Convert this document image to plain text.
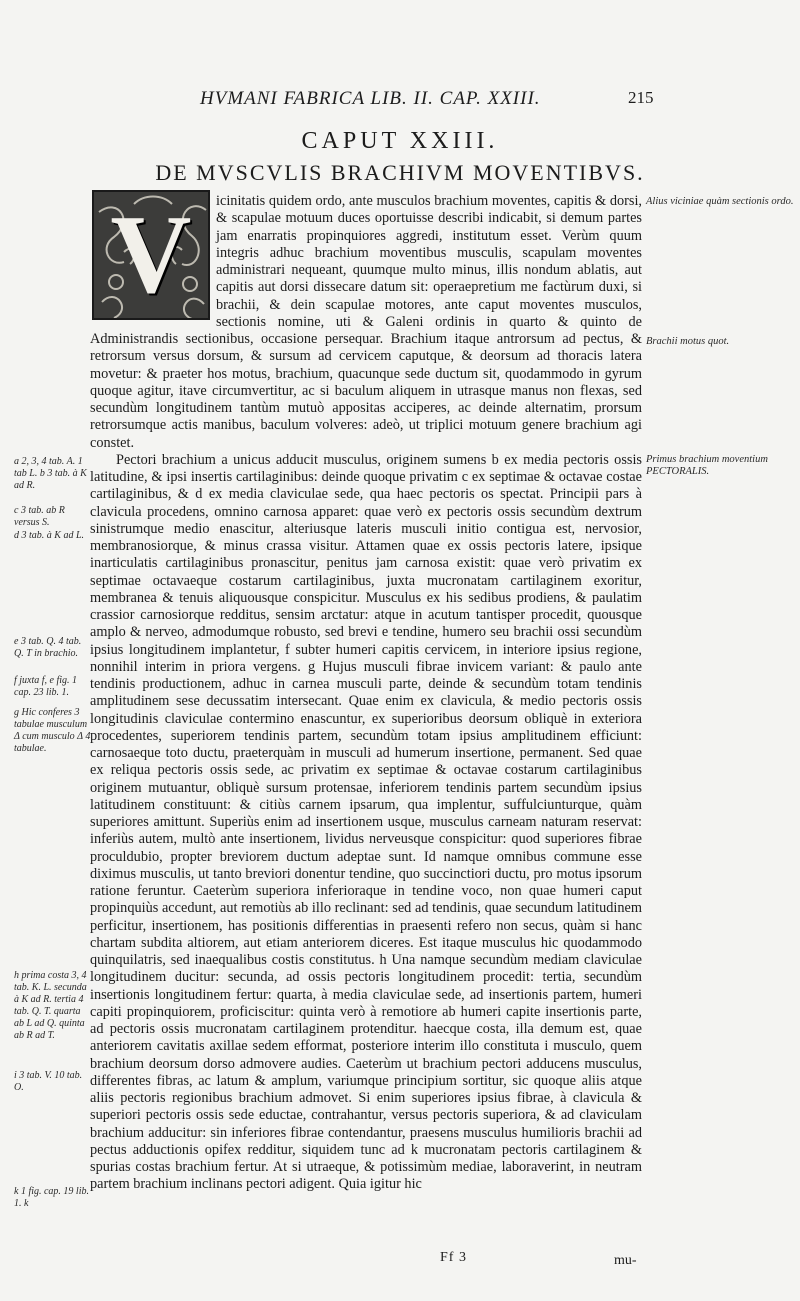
HVMANI FABRICA LIB. II. CAP. XXIII.	215
CAPUT XXIII.
DE MVSCVLIS BRACHIVM MOVENTIBVS.
V	icinitatis quidem ordo, ante musculos brachium moventes, capitis & dorsi, & scapulae motuum duces oportuisse describi indicabit, si demum partes jam enarratis propinquiores aggredi, institutum esset. Verùm quum integris adhuc brachium moventibus musculis, scapulam moventes administrari nequeant, quumque multo minus, illis nondum ablatis, aut capitis aut dorsi dissecare datum sit: operaepretium me factùrum duxi, si brachii, & dein scapulae motores, ante caput moventes musculos, sectionis nomine, uti & Galeni ordinis in quarto & quinto de Administrandis sectionibus, occasione persequar. Brachium itaque antrorsum ad pectus, & retrorsum versus dorsum, & sursum ad cervicem caputque, & deorsum ad thoracis latera movetur: & praeter hos motus, brachium, quacunque sede ductum sit, quodammodo in gyrum quoque agitur, itave circumvertitur, ac si baculum aliquem in utrasque manus non flexas, sed secundùm longitudinem tantùm mutuò appositas acciperes, ac deinde alternatim, prorsum retrorsumque actis manibus, baculum volveres: adeò, ut triplici motuum genere brachium agi constet.

Pectori brachium a unicus adducit musculus, originem sumens b ex media pectoris ossis latitudine, & ipsi insertis cartilaginibus: deinde quoque privatim c ex septimae & octavae costae cartilaginibus, & d ex media claviculae sede, qua haec pectoris os spectat. Principii pars à clavicula procedens, omnino carnosa apparet: quae verò ex pectoris ossis secundùm dextrum sinistrumque medio enascitur, alteriusque lateris musculi initio contigua est, nervosior, membranosiorque, & minus crassa visitur. Attamen quae ex ossis pectoris latere, ipsique inarticulatis cartilaginibus pronascitur, penitus jam carnosa existit: quae verò privatim ex septimae octavaeque costarum cartilaginibus, juxta mucronatam cartilaginem exoritur, membranea & tenuis aliquousque conspicitur. Musculus ex his sedibus prodiens, & paulatim crassior carnosiorque redditus, sensim arctatur: atque in acutum tantisper procedit, quousque amplo & nerveo, admodumque robusto, sed brevi e tendine, humero seu brachii ossi secundùm ipsius longitudinem implantetur, f subter humeri capitis cervicem, in interiore ipsius regione, nonnihil interim in priora vergens. g Hujus musculi fibrae invicem variant: & paulo ante tendinis productionem, adhuc in carnea musculi parte, deinde & secundùm totam tendinis amplitudinem sese decussatim intersecant. Quae enim ex clavicula, & medio pectoris ossis longitudinis claviculae contermino enascuntur, ex superioribus deorsum obliquè in exteriora procedentes, superiorem tendinis partem, secundùm totam ipsius amplitudinem efficiunt: carnosaeque toto ductu, praeterquàm in musculi ad humerum insertione, permanent. Sed quae ex reliqua pectoris ossis sede, ac privatim ex septimae & octavae costarum cartilaginibus originem mutuantur, obliquè sursum protensae, inferiorem tendinis partem secundùm ipsius latitudinem constituunt: & citiùs carnem ipsarum, qua implentur, suffulciunturque, quàm superiores amittunt. Superiùs enim ad insertionem usque, musculus carneam naturam reservat: inferiùs autem, multò ante insertionem, lividus nerveusque conspicitur: quod superiores fibrae proculdubio, propter breviorem ductum adeptae sunt. Id namque omnibus commune esse diximus musculis, ut tanto breviori donentur tendine, quo succinctiori ductu, pro motus ipsorum ratione feruntur. Caeterùm superiora inferioraque in tendine voco, non quae humeri caput propinquiùs accedunt, aut remotiùs ab illo reclinant: sed ad tendinis, quae secundum latitudinem perficitur, insertionem, has positionis differentias in praesenti refero non secus, quàm si hanc chartam subdita altiorem, aut etiam anteriorem diceres. Est itaque musculus hic quodammodo quinquilatris, sed inaequalibus costis constitutus. h Una namque secundùm mediam claviculae longitudinem ducitur: secunda, ad ossis pectoris longitudinem procedit: tertia, secundùm insertionis longitudinem fertur: quarta, à media claviculae sede, ad insertionis partem, humeri capiti propinquiorem, proficiscitur: quinta verò à remotiore ab humeri capite insertionis parte, ad pectoris ossis mucronatam cartilaginem protenditur. haecque costa, illa demum est, quae anteriorem cavitatis axillae sedem efformat, posteriore interim illo constituta i musculo, quem brachium deorsum dorso admovere audies. Caeterùm ut brachium pectori adducens musculus, differentes fibras, ac latum & amplum, variumque principium sortitur, sic quoque aliis atque aliis pectoris regionibus brachium admovet. Si enim superiores ipsius fibrae, à clavicula & superiori pectoris ossis sede eductae, contrahantur, versus pectoris superiora, & ad claviculam brachium adducitur: sin inferiores fibrae contendantur, praesens musculus humilioris brachii ad pectus adductionis opifex redditur, siquidem tunc ad k mucronatam pectoris cartilaginem & spurias costas brachium fertur. At si utraeque, & potissimùm mediae, laboraverint, in neutram partem brachium inclinans pectori adigent. Quia igitur hic

a 2, 3, 4 tab. A. 1 tab L. b 3 tab. à K ad R.
c 3 tab. ab R versus S.
d 3 tab. à K ad L.
e 3 tab. Q. 4 tab. Q. T in brachio.
f juxta f, e fig. 1 cap. 23 lib. 1.
g Hic conferes 3 tabulae musculum Δ cum musculo Δ 4 tabulae.
h prima costa 3, 4 tab. K. L. secunda à K ad R. tertia 4 tab. Q. T. quarta ab L ad Q. quinta ab R ad T.
i 3 tab. V. 10 tab. O.
k 1 fig. cap. 19 lib. 1. k
Alius viciniae quàm sectionis ordo.
Brachii motus quot.
Primus brachium moventium PECTORALIS.
Ff 3	mu-
